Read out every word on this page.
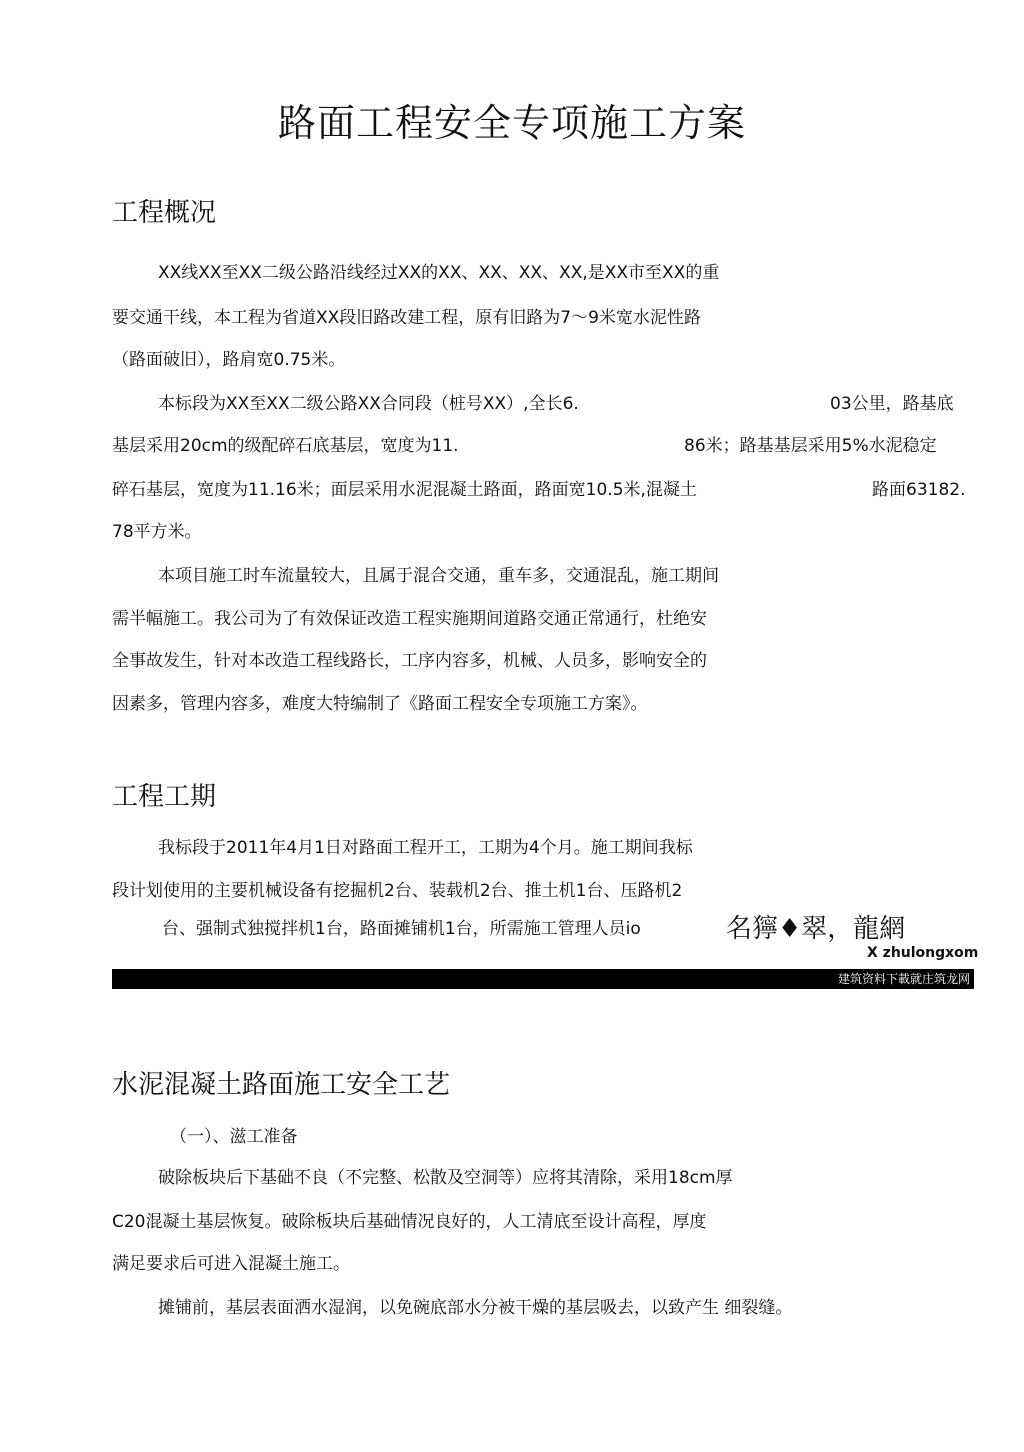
路面工程安全专项施工方案
工程概况

XX线XX至XX二级公路沿线经过XX的XX、XX、XX、XX,是XX市至XX的重

要交通干线，本工程为省道XX段旧路改建工程，原有旧路为7～9米宽水泥性路

（路面破旧），路肩宽0.75米。

本标段为XX至XX二级公路XX合同段（桩号XX）,全长6.	03公里，路基底

基层采用20cm的级配碎石底基层，宽度为11.	86米；路基基层采用5%水泥稳定

碎石基层，宽度为11.16米；面层采用水泥混凝土路面，路面宽10.5米,混凝土	路面63182.

78平方米。

本项目施工时车流量较大，且属于混合交通，重车多，交通混乱，施工期间

需半幅施工。我公司为了有效保证改造工程实施期间道路交通正常通行，杜绝安

全事故发生，针对本改造工程线路长，工序内容多，机械、人员多，影响安全的

因素多，管理内容多，难度大特编制了《路面工程安全专项施工方案》。

工程工期

我标段于2011年4月1日对路面工程开工，工期为4个月。施工期间我标

段计划使用的主要机械设备有挖掘机2台、装载机2台、推土机1台、压路机2

台、强制式独搅拌机1台，路面摊铺机1台，所需施工管理人员io	名獰♦翠，龍網
X zhulongxom
建筑资料下載就庄筑龙网
水泥混凝土路面施工安全工艺

（一）、滋工准备

破除板块后下基础不良（不完整、松散及空洞等）应将其清除，采用18cm厚

C20混凝土基层恢复。破除板块后基础情况良好的，人工清底至设计高程，厚度

满足要求后可进入混凝土施工。

摊铺前，基层表面洒水湿润，以免碗底部水分被干燥的基层吸去，以致产生 细裂缝。
